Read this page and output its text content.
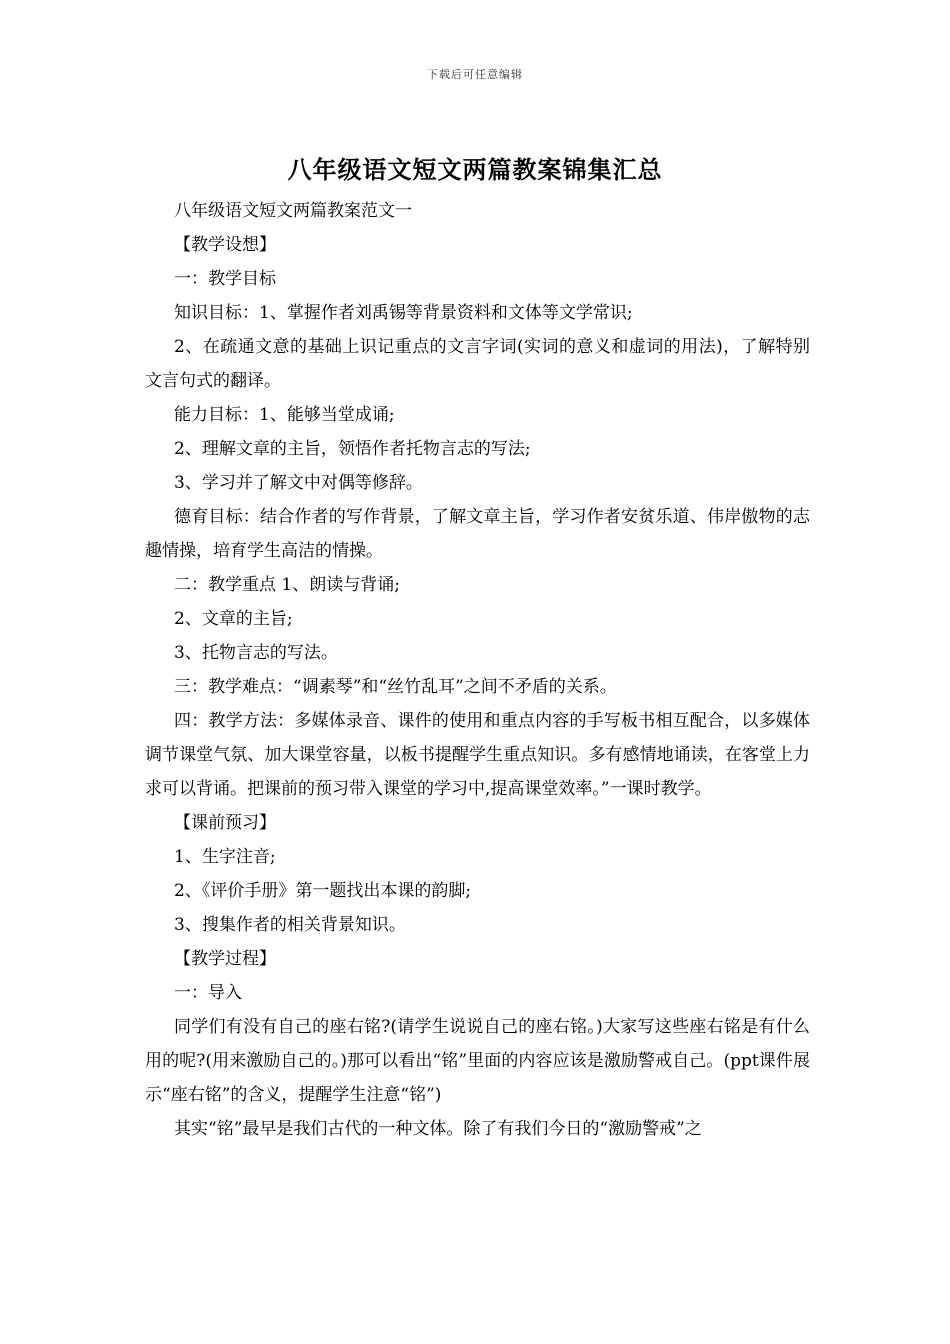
下载后可任意编辑
八年级语文短文两篇教案锦集汇总

八年级语文短文两篇教案范文一

【教学设想】

一：教学目标

知识目标：1、掌握作者刘禹锡等背景资料和文体等文学常识;

2、在疏通文意的基础上识记重点的文言字词(实词的意义和虚词的用法)，了解特别文言句式的翻译。

能力目标：1、能够当堂成诵;

2、理解文章的主旨，领悟作者托物言志的写法;

3、学习并了解文中对偶等修辞。

德育目标：结合作者的写作背景，了解文章主旨，学习作者安贫乐道、伟岸傲物的志趣情操，培育学生高洁的情操。

二：教学重点 1、朗读与背诵;

2、文章的主旨;

3、托物言志的写法。

三：教学难点：“调素琴”和“丝竹乱耳”之间不矛盾的关系。

四：教学方法：多媒体录音、课件的使用和重点内容的手写板书相互配合，以多媒体调节课堂气氛、加大课堂容量，以板书提醒学生重点知识。多有感情地诵读，在客堂上力求可以背诵。把课前的预习带入课堂的学习中,提高课堂效率。”一课时教学。

【课前预习】

1、生字注音;

2、《评价手册》第一题找出本课的韵脚;

3、搜集作者的相关背景知识。

【教学过程】

一：导入

同学们有没有自己的座右铭?(请学生说说自己的座右铭。)大家写这些座右铭是有什么用的呢?(用来激励自己的。)那可以看出“铭”里面的内容应该是激励警戒自己。(ppt课件展示“座右铭”的含义，提醒学生注意“铭”)

其实“铭”最早是我们古代的一种文体。除了有我们今日的“激励警戒”之
